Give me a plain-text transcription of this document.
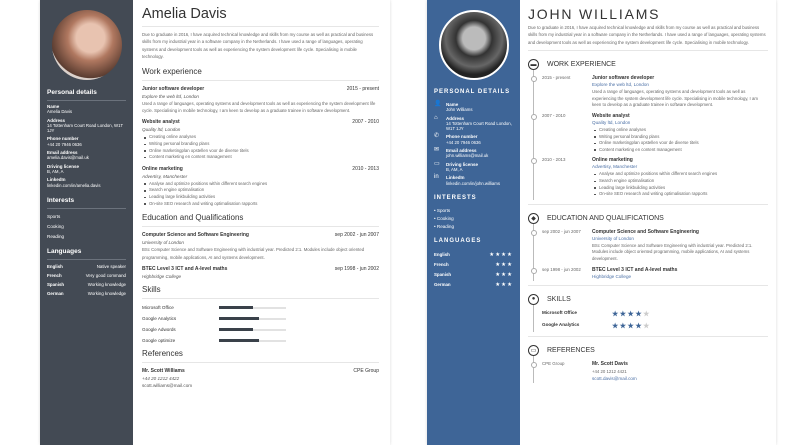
Personal details
Name
Amelia Davis
Address
14 Tottenham Court Road London, W1T 1JY
Phone number
+44 20 7946 0636
Email address
amelia.davis@mail.uk
Driving license
B, AM, A
LinkedIn
linkedin.com/in/amelia.davis
Interests
Sports
Cooking
Reading
Languages
English	Native speaker
French	Very good command
Spanish	Working knowledge
German	Working knowledge
Amelia Davis
Due to graduate in 2016, I have acquired technical knowledge and skills from my course as well as practical and business skills from my industrial year in a software company in the Netherlands. I have used a range of languages, operating systems and development tools as well as experiencing the system development life cycle. Specialising in mobile technology.
Work experience
Junior software developer	2015 - present
Explore the web ltd, London
Used a range of languages, operating systems and development tools as well as experiencing the system development life cycle. Specialising in mobile technology, I am keen to develop as a graduate trainee in software development.
Website analyst	2007 - 2010
Quality ltd, London
Creating online analyses
Writing personal branding plans
Online marketingplan opstellen voor de diverse titels
Content marketing en content management
Online marketing	2010 - 2013
Advertisy, Manchester
Analyse and optimize positions within different search engines
Search engine optimalisation
Leading large linkbuilding activities
On-site SEO research and writing optimalisation rapports
Education and Qualifications
Computer Science and Software Engineering	sep 2002 - jun 2007
University of London
BSc Computer Science and Software Engineering with industrial year. Predicted 2:1. Modules include object oriented programming, mobile applications, AI and systems development.
BTEC Level 3 ICT and A-level maths	sep 1998 - jun 2002
Highbridge College
Skills
Microsoft Office
Google Analytics
Google Adwords
Google optimize
References
Mr. Scott Williams	CPE Group
+44 20 1212 4422
scott.williams@mail.com
PERSONAL DETAILS
👤 Name
John Williams
⌂ Address
14 Tottenham Court Road London, W1T 1JY
✆ Phone number
+44 20 7946 0636
✉ Email address
john.williams@mail.uk
▭ Driving license
B, AM, A
in LinkedIn
linkedin.com/in/john.williams
INTERESTS
• Sports
• Cooking
• Reading
LANGUAGES
English	★★★★
French	★★★
Spanish	★★★
German	★★★
JOHN WILLIAMS
Due to graduate in 2016, I have acquired technical knowledge and skills from my course as well as practical and business skills from my industrial year in a software company in the Netherlands. I have used a range of languages, operating systems and development tools as well as experiencing the system development life cycle. Specialising in mobile technology.
▬	WORK EXPERIENCE
2015 - present	Junior software developer
Explore the web ltd, London
Used a range of languages, operating systems and development tools as well as experiencing the system development life cycle. Specialising in mobile technology, I am keen to develop as a graduate trainee in software development.
2007 - 2010	Website analyst
Quality ltd, London
Creating online analyses
Writing personal branding plans
Online marketingplan opstellen voor de diverse titels
Content marketing en content management
2010 - 2013	Online marketing
Advertisy, Manchester
Analyse and optimize positions within different search engines
Search engine optimalisation
Leading large linkbuilding activities
On-site SEO research and writing optimalisation rapports
◆	EDUCATION AND QUALIFICATIONS
sep 2002 - jun 2007	Computer Science and Software Engineering
University of London
BSc Computer Science and Software Engineering with industrial year. Predicted 2:1. Modules include object oriented programming, mobile applications, AI and systems development.
sep 1998 - jun 2002	BTEC Level 3 ICT and A-level maths
Highbridge College
●	SKILLS
Microsoft Office	★★★★★
Google Analytics	★★★★★
▭	REFERENCES
CPE Group	Mr. Scott Davis
+44 20 1212 4421
scott.davis@mail.com
